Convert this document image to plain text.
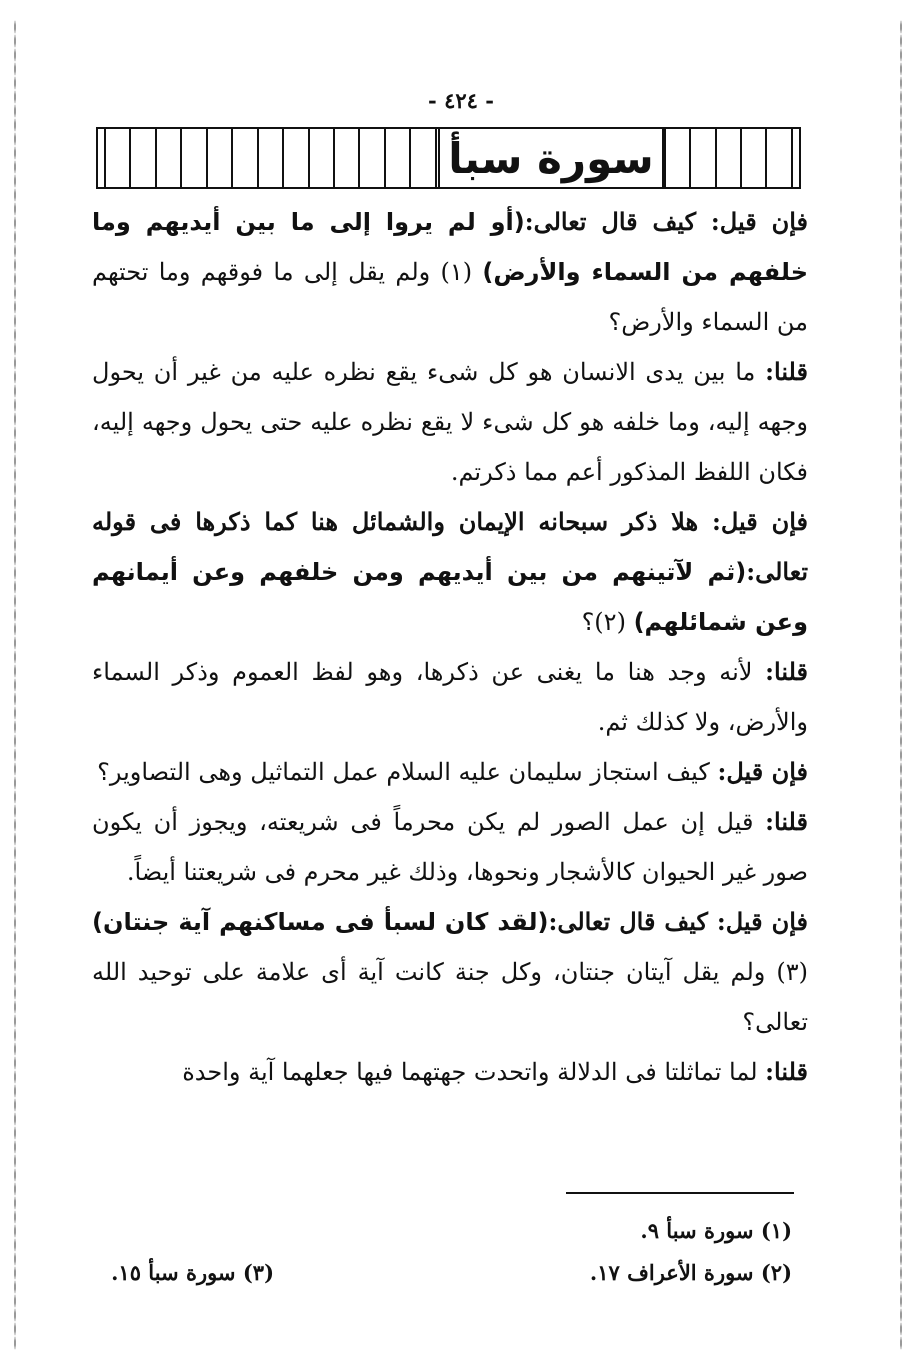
- ٤٢٤ -
سورة سبأ

فإن قيل: كيف قال تعالى:(أو لم يروا إلى ما بين أيديهم وما خلفهم من السماء والأرض) (١) ولم يقل إلى ما فوقهم وما تحتهم من السماء والأرض؟

قلنا: ما بين يدى الانسان هو كل شىء يقع نظره عليه من غير أن يحول وجهه إليه، وما خلفه هو كل شىء لا يقع نظره عليه حتى يحول وجهه إليه، فكان اللفظ المذكور أعم مما ذكرتم.

فإن قيل: هلا ذكر سبحانه الإيمان والشمائل هنا كما ذكرها فى قوله تعالى:(ثم لآتينهم من بين أيديهم ومن خلفهم وعن أيمانهم وعن شمائلهم) (٢)؟

قلنا: لأنه وجد هنا ما يغنى عن ذكرها، وهو لفظ العموم وذكر السماء والأرض، ولا كذلك ثم.

فإن قيل: كيف استجاز سليمان عليه السلام عمل التماثيل وهى التصاوير؟

قلنا: قيل إن عمل الصور لم يكن محرماً فى شريعته، ويجوز أن يكون صور غير الحيوان كالأشجار ونحوها، وذلك غير محرم فى شريعتنا أيضاً.

فإن قيل: كيف قال تعالى:(لقد كان لسبأ فى مساكنهم آية جنتان) (٣) ولم يقل آيتان جنتان، وكل جنة كانت آية أى علامة على توحيد الله تعالى؟

قلنا: لما تماثلتا فى الدلالة واتحدت جهتهما فيها جعلهما آية واحدة

(١) سورة سبأ ٩.
(٢) سورة الأعراف ١٧.
(٣) سورة سبأ ١٥.
